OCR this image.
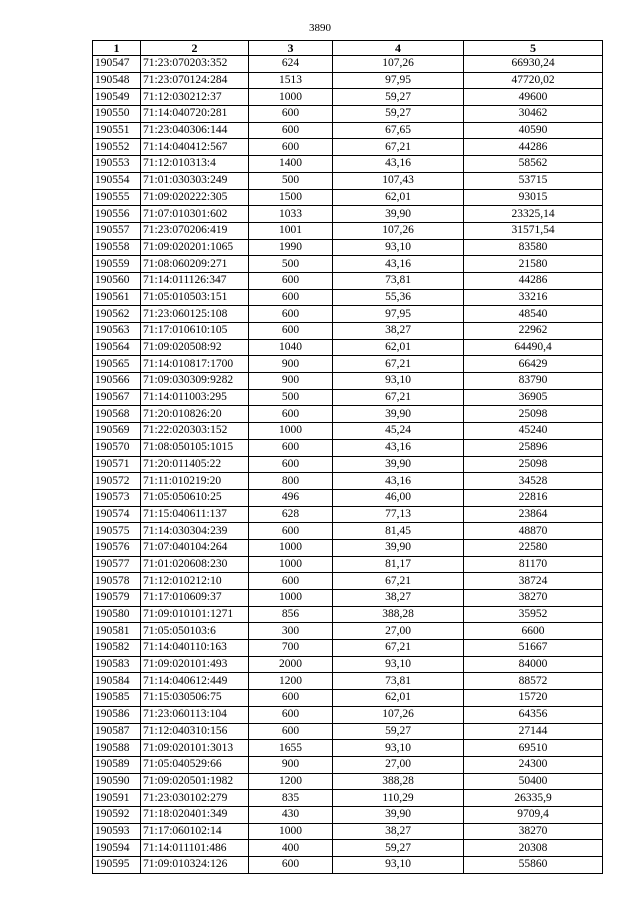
3890
1	2	3	4	5
190547	71:23:070203:352	624	107,26	66930,24
190548	71:23:070124:284	1513	97,95	47720,02
190549	71:12:030212:37	1000	59,27	49600
190550	71:14:040720:281	600	59,27	30462
190551	71:23:040306:144	600	67,65	40590
190552	71:14:040412:567	600	67,21	44286
190553	71:12:010313:4	1400	43,16	58562
190554	71:01:030303:249	500	107,43	53715
190555	71:09:020222:305	1500	62,01	93015
190556	71:07:010301:602	1033	39,90	23325,14
190557	71:23:070206:419	1001	107,26	31571,54
190558	71:09:020201:1065	1990	93,10	83580
190559	71:08:060209:271	500	43,16	21580
190560	71:14:011126:347	600	73,81	44286
190561	71:05:010503:151	600	55,36	33216
190562	71:23:060125:108	600	97,95	48540
190563	71:17:010610:105	600	38,27	22962
190564	71:09:020508:92	1040	62,01	64490,4
190565	71:14:010817:1700	900	67,21	66429
190566	71:09:030309:9282	900	93,10	83790
190567	71:14:011003:295	500	67,21	36905
190568	71:20:010826:20	600	39,90	25098
190569	71:22:020303:152	1000	45,24	45240
190570	71:08:050105:1015	600	43,16	25896
190571	71:20:011405:22	600	39,90	25098
190572	71:11:010219:20	800	43,16	34528
190573	71:05:050610:25	496	46,00	22816
190574	71:15:040611:137	628	77,13	23864
190575	71:14:030304:239	600	81,45	48870
190576	71:07:040104:264	1000	39,90	22580
190577	71:01:020608:230	1000	81,17	81170
190578	71:12:010212:10	600	67,21	38724
190579	71:17:010609:37	1000	38,27	38270
190580	71:09:010101:1271	856	388,28	35952
190581	71:05:050103:6	300	27,00	6600
190582	71:14:040110:163	700	67,21	51667
190583	71:09:020101:493	2000	93,10	84000
190584	71:14:040612:449	1200	73,81	88572
190585	71:15:030506:75	600	62,01	15720
190586	71:23:060113:104	600	107,26	64356
190587	71:12:040310:156	600	59,27	27144
190588	71:09:020101:3013	1655	93,10	69510
190589	71:05:040529:66	900	27,00	24300
190590	71:09:020501:1982	1200	388,28	50400
190591	71:23:030102:279	835	110,29	26335,9
190592	71:18:020401:349	430	39,90	9709,4
190593	71:17:060102:14	1000	38,27	38270
190594	71:14:011101:486	400	59,27	20308
190595	71:09:010324:126	600	93,10	55860
